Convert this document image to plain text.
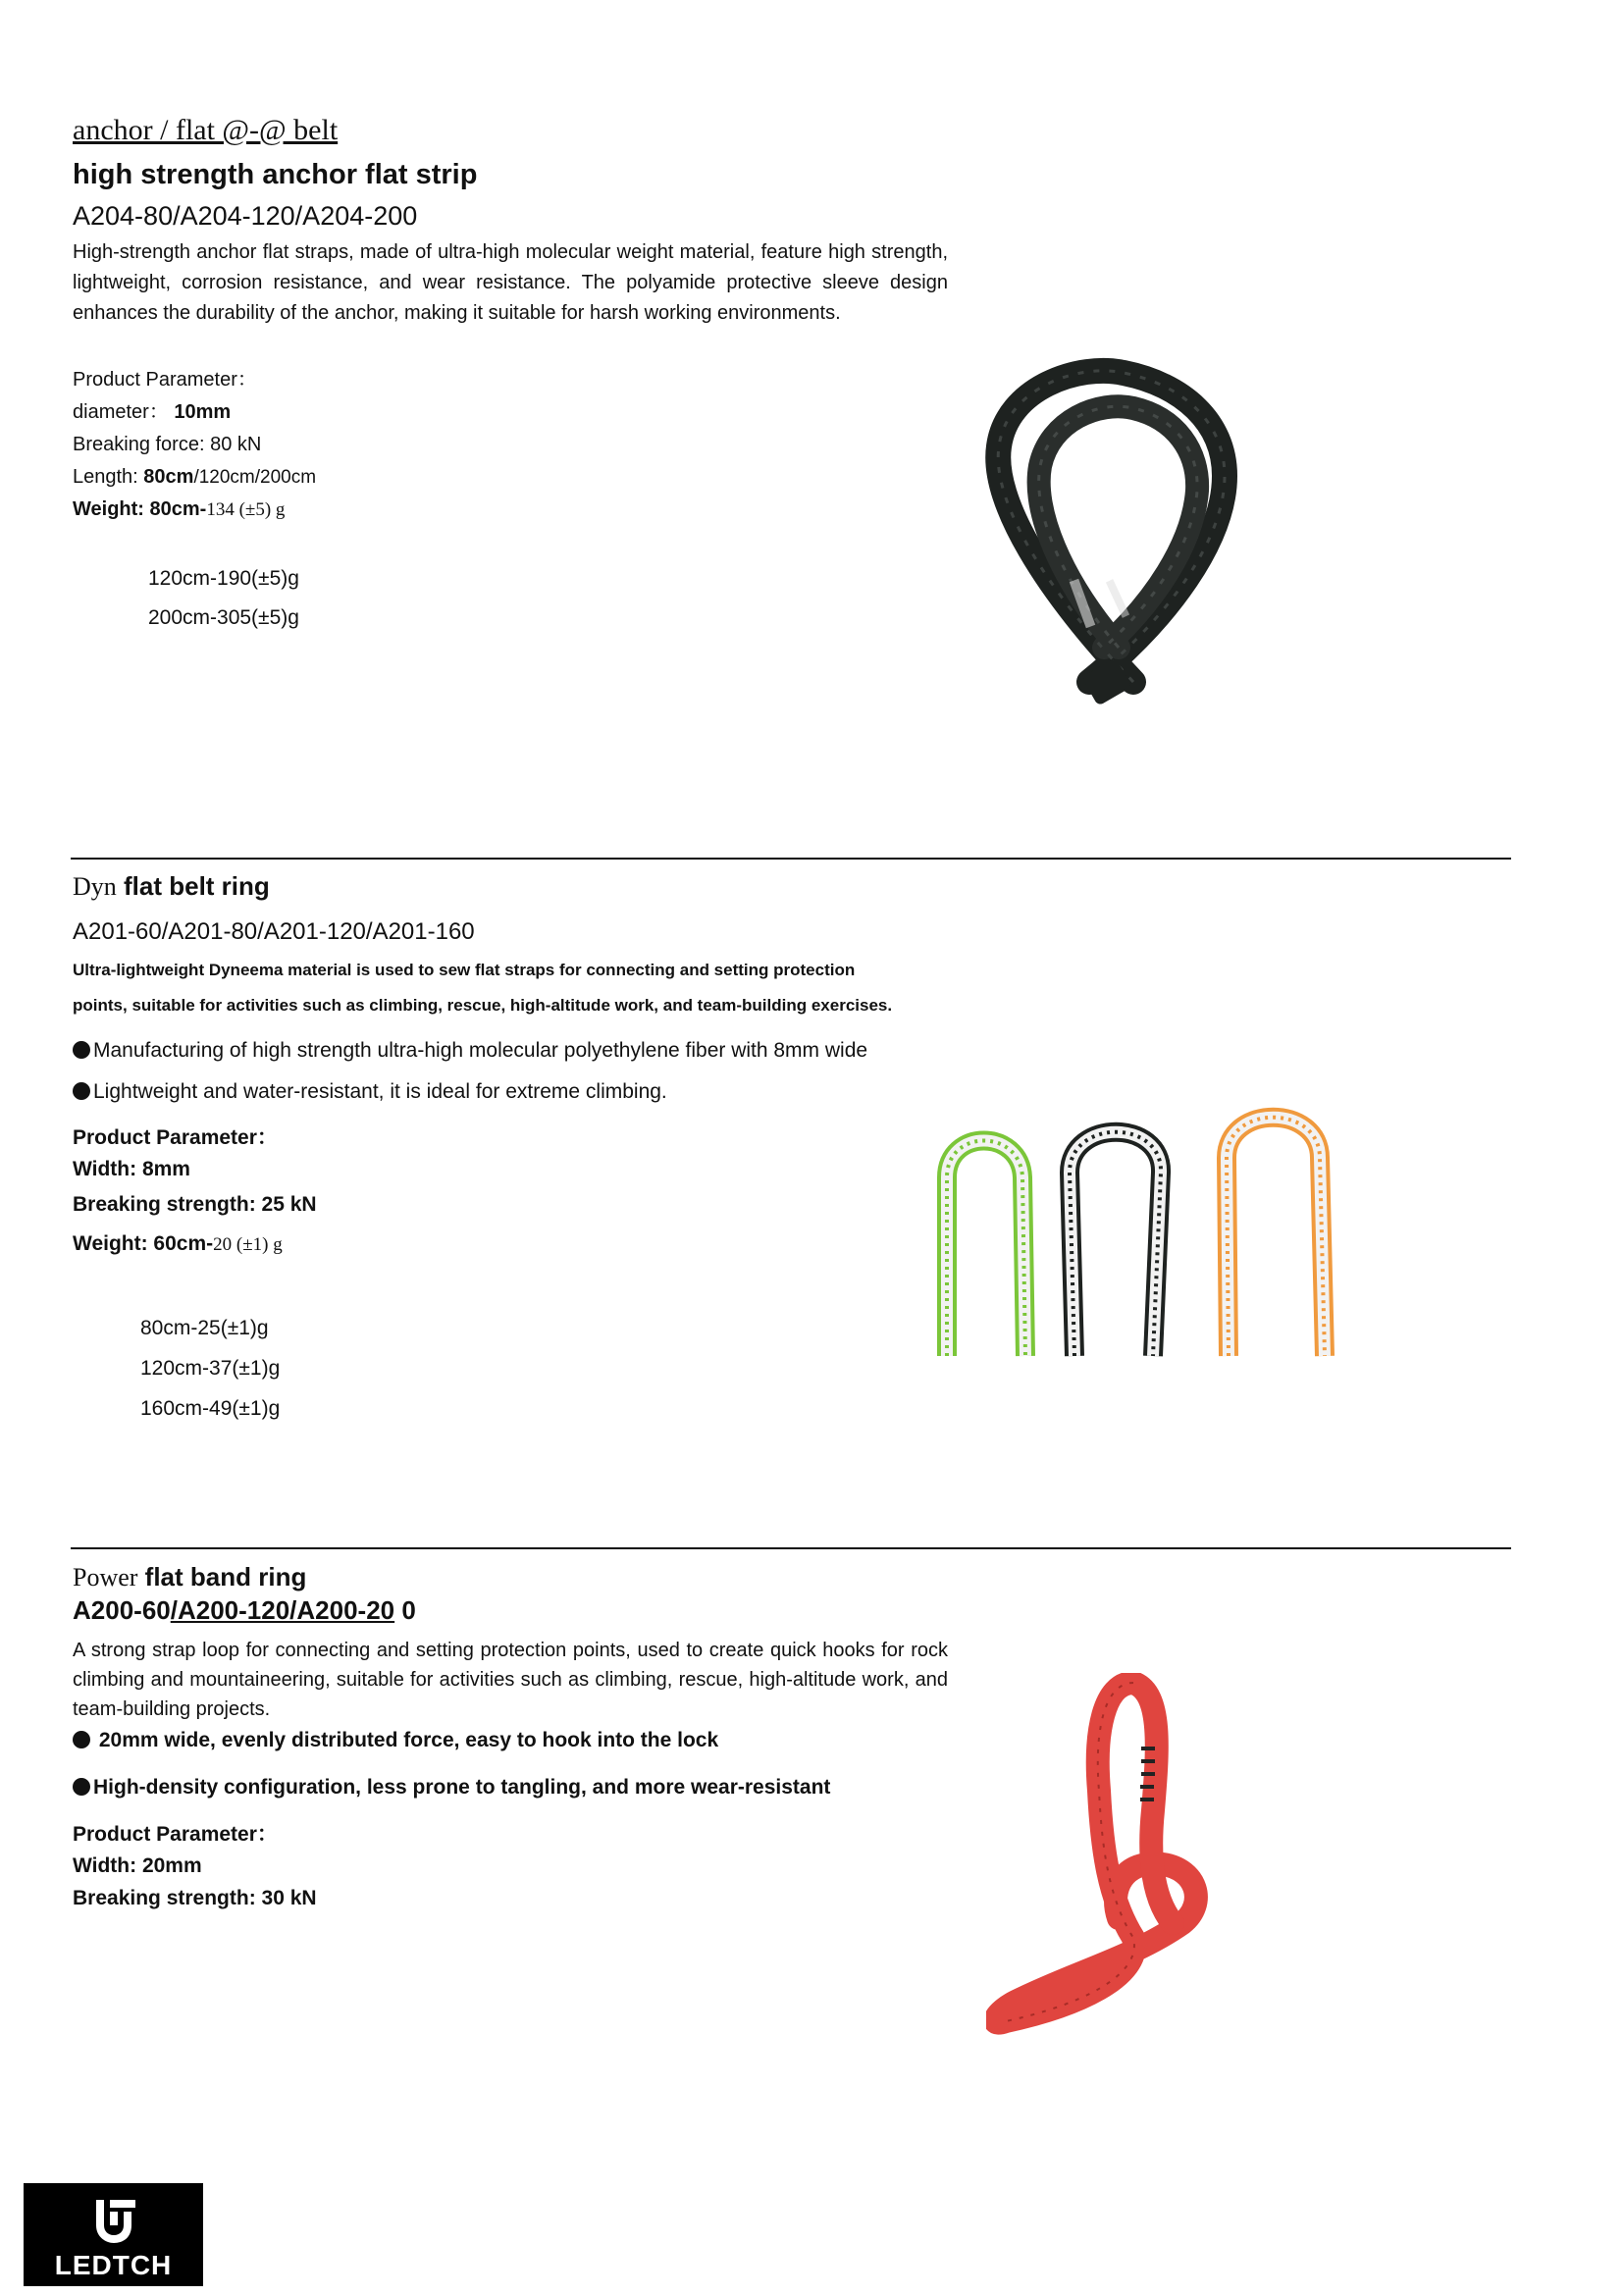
anchor / flat @-@ belt
high strength anchor flat strip
A204-80/A204-120/A204-200
High-strength anchor flat straps, made of ultra-high molecular weight material, feature high strength, lightweight, corrosion resistance, and wear resistance. The polyamide protective sleeve design enhances the durability of the anchor, making it suitable for harsh working environments.
Product Parameter：
diameter： 10mm
Breaking force: 80 kN
Length: 80cm/120cm/200cm
Weight: 80cm-134 (±5) g
120cm-190(±5)g
200cm-305(±5)g
Dyn flat belt ring
A201-60/A201-80/A201-120/A201-160
Ultra-lightweight Dyneema material is used to sew flat straps for connecting and setting protection
points, suitable for activities such as climbing, rescue, high-altitude work, and team-building exercises.
Manufacturing of high strength ultra-high molecular polyethylene fiber with 8mm wide
Lightweight and water-resistant, it is ideal for extreme climbing.
Product Parameter：
Width: 8mm
Breaking strength: 25 kN
Weight: 60cm-20 (±1) g
80cm-25(±1)g
120cm-37(±1)g
160cm-49(±1)g
Power flat band ring
A200-60/A200-120/A200-20 0
A strong strap loop for connecting and setting protection points, used to create quick hooks for rock climbing and mountaineering, suitable for activities such as climbing, rescue, high-altitude work, and team-building projects.
20mm wide, evenly distributed force, easy to hook into the lock
High-density configuration, less prone to tangling, and more wear-resistant
Product Parameter：
Width: 20mm
Breaking strength: 30 kN
LEDTCH
